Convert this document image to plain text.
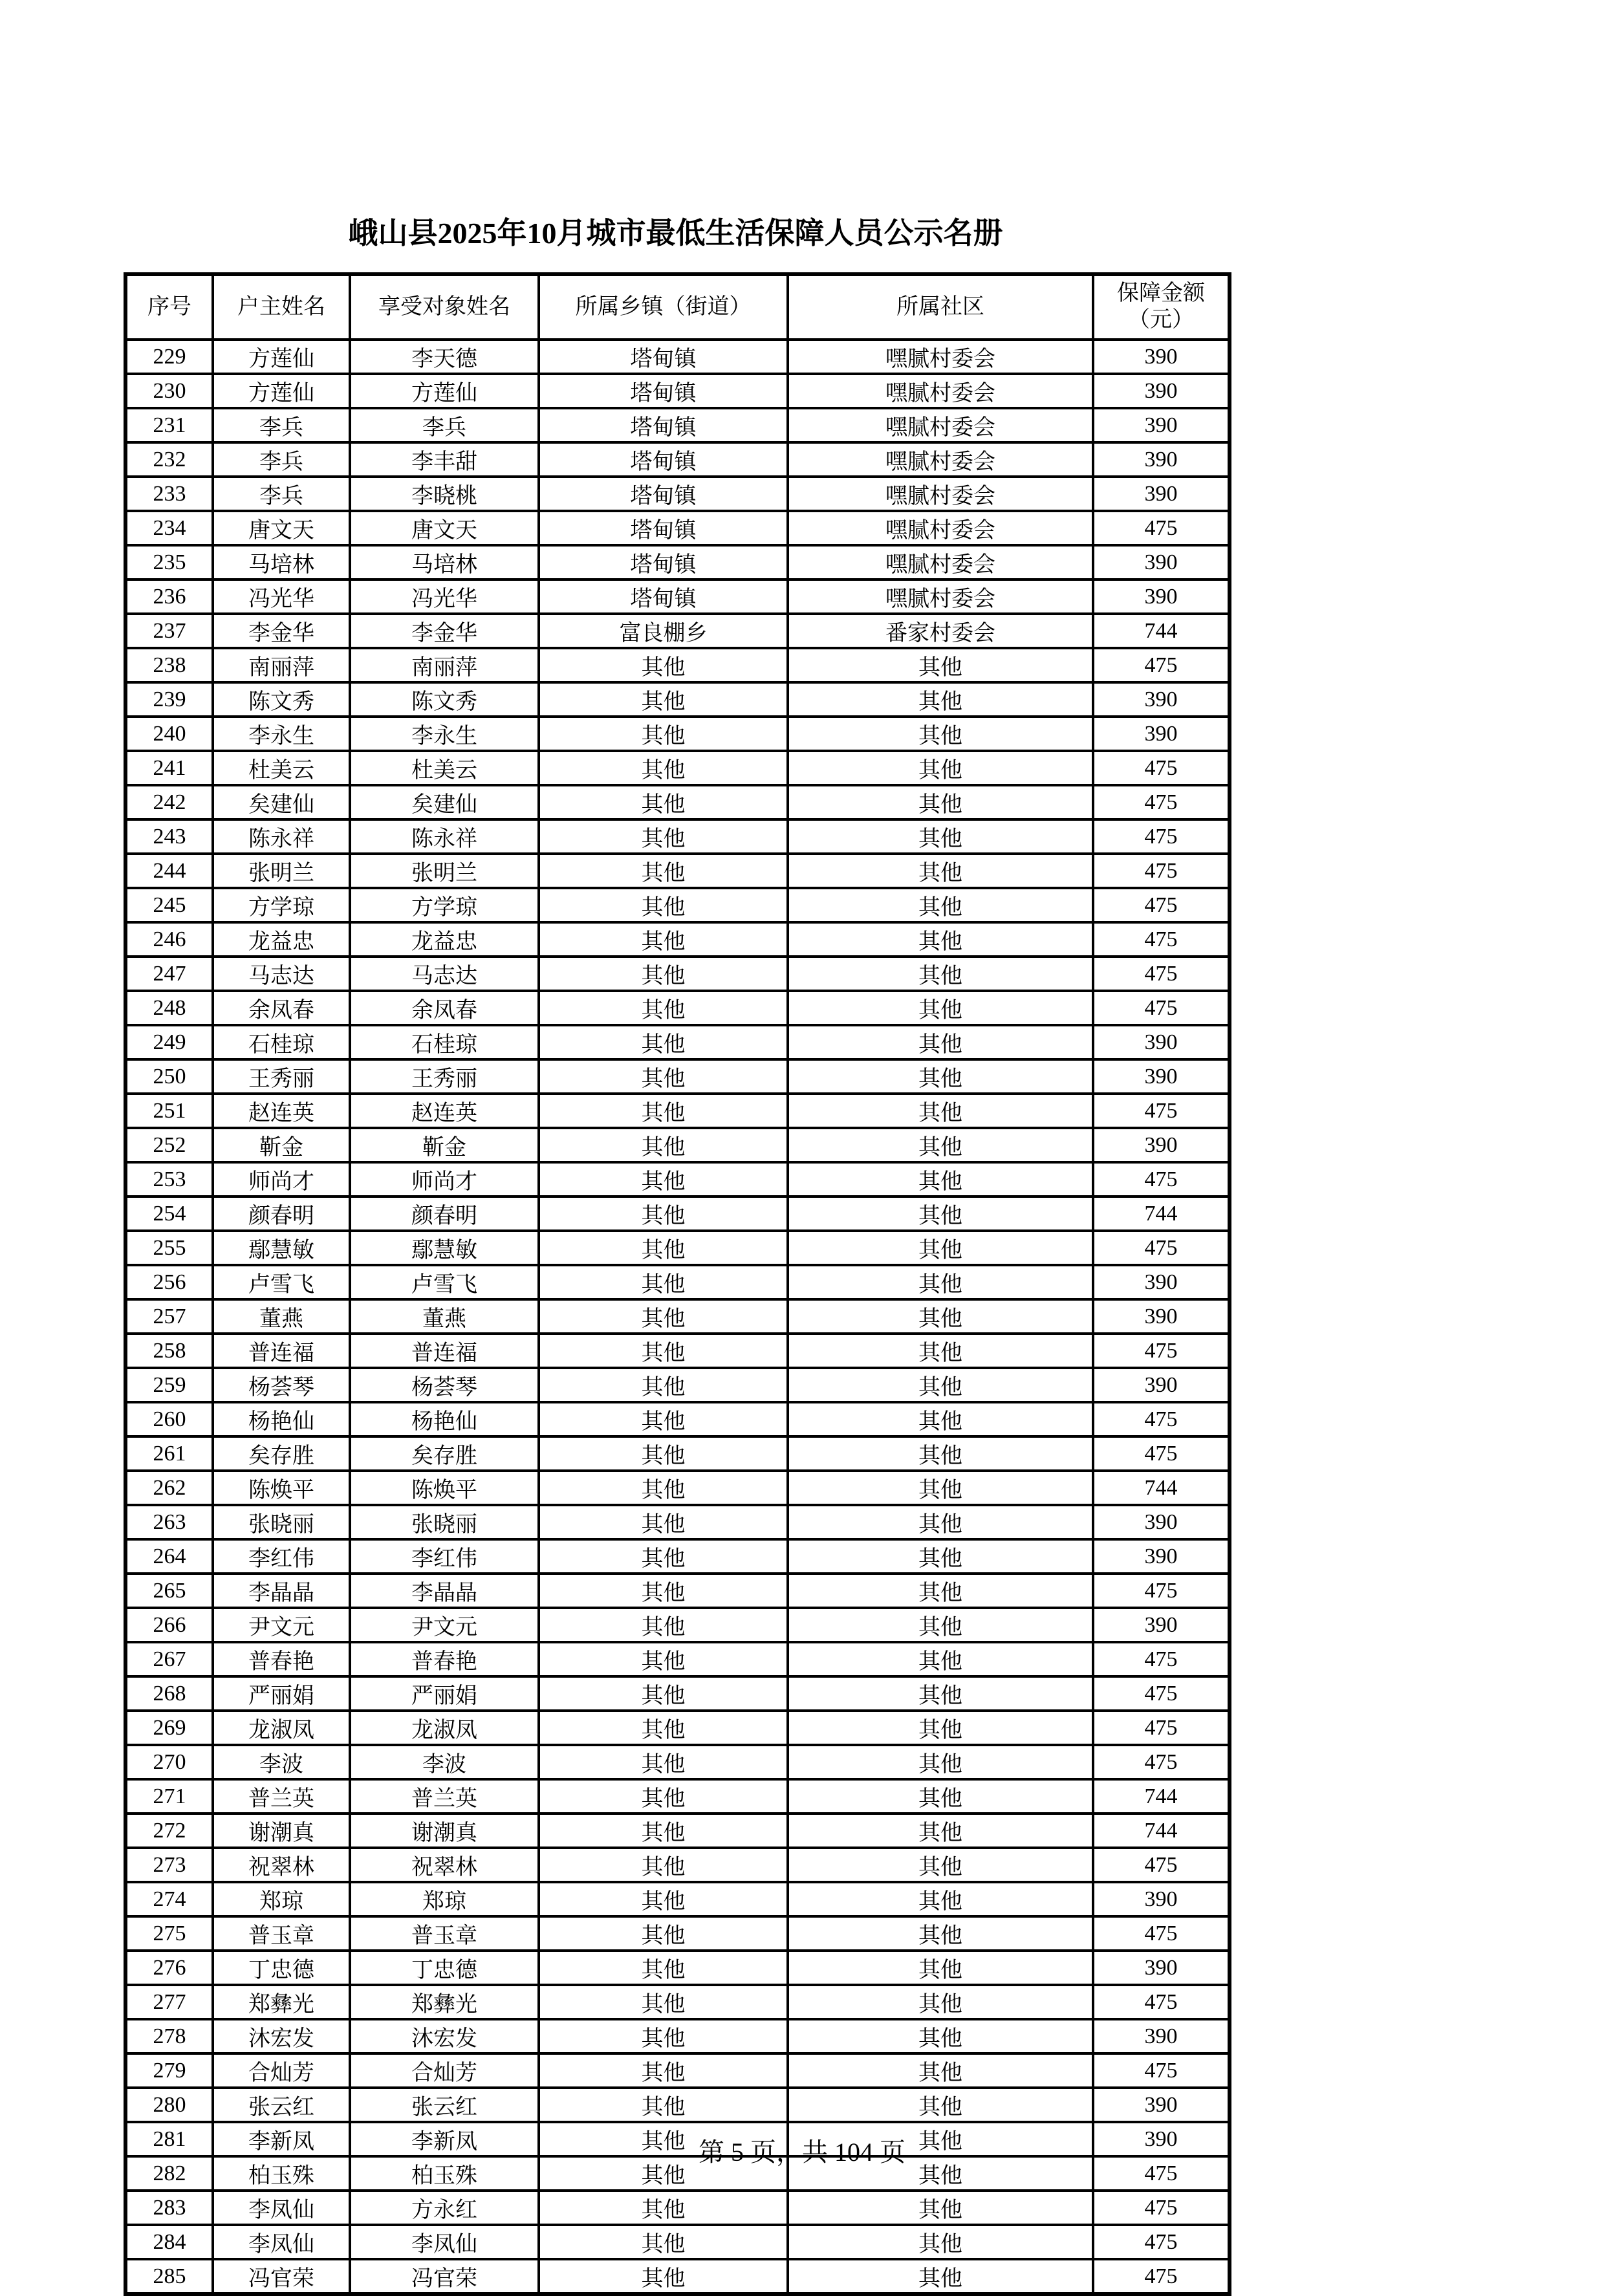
峨山县2025年10月城市最低生活保障人员公示名册
序号	户主姓名	享受对象姓名	所属乡镇（街道）	所属社区	保障金额
（元）

229	方莲仙	李天德	塔甸镇	嘿腻村委会	390
230	方莲仙	方莲仙	塔甸镇	嘿腻村委会	390
231	李兵	李兵	塔甸镇	嘿腻村委会	390
232	李兵	李丰甜	塔甸镇	嘿腻村委会	390
233	李兵	李晓桃	塔甸镇	嘿腻村委会	390
234	唐文天	唐文天	塔甸镇	嘿腻村委会	475
235	马培林	马培林	塔甸镇	嘿腻村委会	390
236	冯光华	冯光华	塔甸镇	嘿腻村委会	390
237	李金华	李金华	富良棚乡	番家村委会	744
238	南丽萍	南丽萍	其他	其他	475
239	陈文秀	陈文秀	其他	其他	390
240	李永生	李永生	其他	其他	390
241	杜美云	杜美云	其他	其他	475
242	矣建仙	矣建仙	其他	其他	475
243	陈永祥	陈永祥	其他	其他	475
244	张明兰	张明兰	其他	其他	475
245	方学琼	方学琼	其他	其他	475
246	龙益忠	龙益忠	其他	其他	475
247	马志达	马志达	其他	其他	475
248	余凤春	余凤春	其他	其他	475
249	石桂琼	石桂琼	其他	其他	390
250	王秀丽	王秀丽	其他	其他	390
251	赵连英	赵连英	其他	其他	475
252	靳金	靳金	其他	其他	390
253	师尚才	师尚才	其他	其他	475
254	颜春明	颜春明	其他	其他	744
255	鄢慧敏	鄢慧敏	其他	其他	475
256	卢雪飞	卢雪飞	其他	其他	390
257	董燕	董燕	其他	其他	390
258	普连福	普连福	其他	其他	475
259	杨荟琴	杨荟琴	其他	其他	390
260	杨艳仙	杨艳仙	其他	其他	475
261	矣存胜	矣存胜	其他	其他	475
262	陈焕平	陈焕平	其他	其他	744
263	张晓丽	张晓丽	其他	其他	390
264	李红伟	李红伟	其他	其他	390
265	李晶晶	李晶晶	其他	其他	475
266	尹文元	尹文元	其他	其他	390
267	普春艳	普春艳	其他	其他	475
268	严丽娟	严丽娟	其他	其他	475
269	龙淑凤	龙淑凤	其他	其他	475
270	李波	李波	其他	其他	475
271	普兰英	普兰英	其他	其他	744
272	谢潮真	谢潮真	其他	其他	744
273	祝翠林	祝翠林	其他	其他	475
274	郑琼	郑琼	其他	其他	390
275	普玉章	普玉章	其他	其他	475
276	丁忠德	丁忠德	其他	其他	390
277	郑彝光	郑彝光	其他	其他	475
278	沐宏发	沐宏发	其他	其他	390
279	合灿芳	合灿芳	其他	其他	475
280	张云红	张云红	其他	其他	390
281	李新凤	李新凤	其他	其他	390
282	柏玉殊	柏玉殊	其他	其他	475
283	李凤仙	方永红	其他	其他	475
284	李凤仙	李凤仙	其他	其他	475
285	冯官荣	冯官荣	其他	其他	475
第 5 页，共 104 页
